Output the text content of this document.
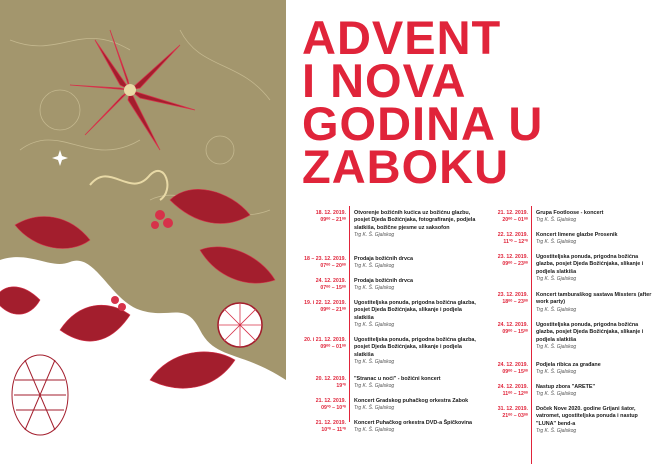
ZABOK
ADVENT
I NOVA
GODINA U
ZABOKU
18. 12. 2019.
09⁰⁰ – 21⁰⁰
Otvorenje božićnih kućica uz božićnu glazbu, posjet Djeda Božićnjaka, fotografiranje, podjela slatkiša, božične pjesme uz saksofon
Trg K. Š. Gjalskog
18 – 23. 12. 2019.
07⁰⁰ – 20⁰⁰
Prodaja božićnih drvca
Trg K. Š. Gjalskog
24. 12. 2019.
07⁰⁰ – 15⁰⁰
Prodaja božićnih drvca
Trg K. Š. Gjalskog
19. i 22. 12. 2019.
09⁰⁰ – 21⁰⁰
Ugostiteljska ponuda, prigodna božićna glazba, posjet Djeda Božićnjaka, slikanje i podjela slatkiša
Trg K. Š. Gjalskog
20. i 21. 12. 2019.
09⁰⁰ – 01⁰⁰
Ugostiteljska ponuda, prigodna božićna glazba, posjet Djeda Božićnjaka, slikanje i podjela slatkiša
Trg K. Š. Gjalskog
20. 12. 2019.
19³⁰
"Stranac u noći" - božićni koncert
Trg K. Š. Gjalskog
21. 12. 2019.
09³⁰ – 10³⁰
Koncert Gradskog puhačkog orkestra Zabok
Trg K. Š. Gjalskog
21. 12. 2019.
10³⁰ – 11³⁰
Koncert Puhačkog orkestra DVD-a Špičkovina
Trg K. Š. Gjalskog
21. 12. 2019.
20⁰⁰ – 01⁰⁰
Grupa Footloose - koncert
Trg K. Š. Gjalskog
22. 12. 2019.
11³⁰ – 12³⁰
Koncert limene glazbe Prosenik
Trg K. Š. Gjalskog
23. 12. 2019.
09⁰⁰ – 23⁰⁰
Ugostiteljska ponuda, prigodna božićna glazba, posjet Djeda Božićnjaka, slikanje i podjela slatkiša
Trg K. Š. Gjalskog
23. 12. 2019.
18⁰⁰ – 23⁰⁰
Koncert tamburaškog sastava Missters (after work party)
Trg K. Š. Gjalskog
24. 12. 2019.
09⁰⁰ – 15⁰⁰
Ugostiteljska ponuda, prigodna božićna glazba, posjet Djeda Božićnjaka, slikanje i podjela slatkiša
Trg K. Š. Gjalskog
24. 12. 2019.
09⁰⁰ – 15⁰⁰
Podjela ribica za građane
Trg K. Š. Gjalskog
24. 12. 2019.
11⁰⁰ – 12⁰⁰
Nastup zbora "ARETE"
Trg K. Š. Gjalskog
31. 12. 2019.
21⁰⁰ – 03⁰⁰
Doček Nove 2020. godine Grijani šator, vatromet, ugostiteljska ponuda i nastup "LUNA" bend-a
Trg K. Š. Gjalskog
